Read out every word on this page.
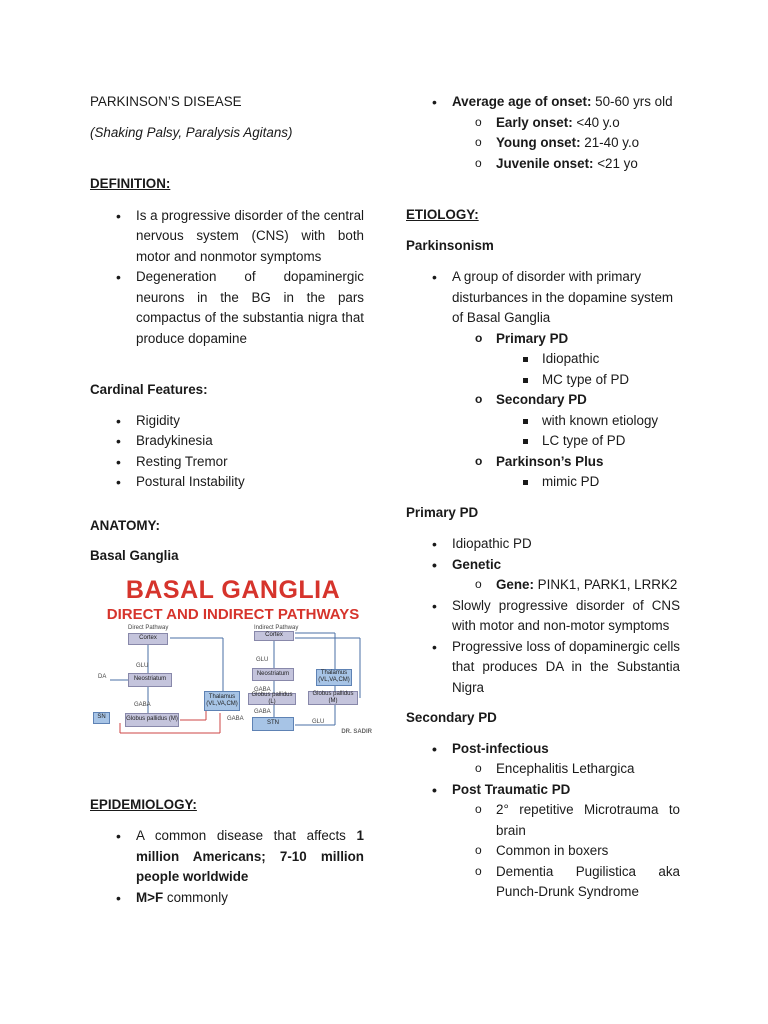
PARKINSON’S DISEASE

(Shaking Palsy, Paralysis Agitans)

DEFINITION:

• Is a progressive disorder of the central nervous system (CNS) with both motor and nonmotor symptoms
• Degeneration of dopaminergic neurons in the BG in the pars compactus of the substantia nigra that produce dopamine

Cardinal Features:

• Rigidity
• Bradykinesia
• Resting Tremor
• Postural Instability

ANATOMY:

Basal Ganglia

BASAL GANGLIA
DIRECT AND INDIRECT PATHWAYS
Direct Pathway	Indirect Pathway
Cortex
GLU
DA	Neostriatum
GABA
SN	Globus pallidus (M)
Thalamus (VL,VA,CM)
GABA
Cortex
GLU
Neostriatum	Thalamus (VL,VA,CM)
GABA
Globus pallidus (L)
Globus pallidus (M)
GABA
STN	GLU
DR. SADIR

EPIDEMIOLOGY:

• A common disease that affects 1 million Americans; 7-10 million people worldwide
• M>F commonly
• Average age of onset: 50-60 yrs old
o Early onset: <40 y.o
o Young onset: 21-40 y.o
o Juvenile onset: <21 yo

ETIOLOGY:

Parkinsonism

• A group of disorder with primary disturbances in the dopamine system of Basal Ganglia
o Primary PD
Idiopathic
MC type of PD
o Secondary PD
with known etiology
LC type of PD
o Parkinson’s Plus
mimic PD

Primary PD

• Idiopathic PD
• Genetic
o Gene: PINK1, PARK1, LRRK2
• Slowly progressive disorder of CNS with motor and non-motor symptoms
• Progressive loss of dopaminergic cells that produces DA in the Substantia Nigra

Secondary PD

• Post-infectious
o Encephalitis Lethargica
• Post Traumatic PD
o 2° repetitive Microtrauma to brain
o Common in boxers
o Dementia Pugilistica aka Punch-Drunk Syndrome
